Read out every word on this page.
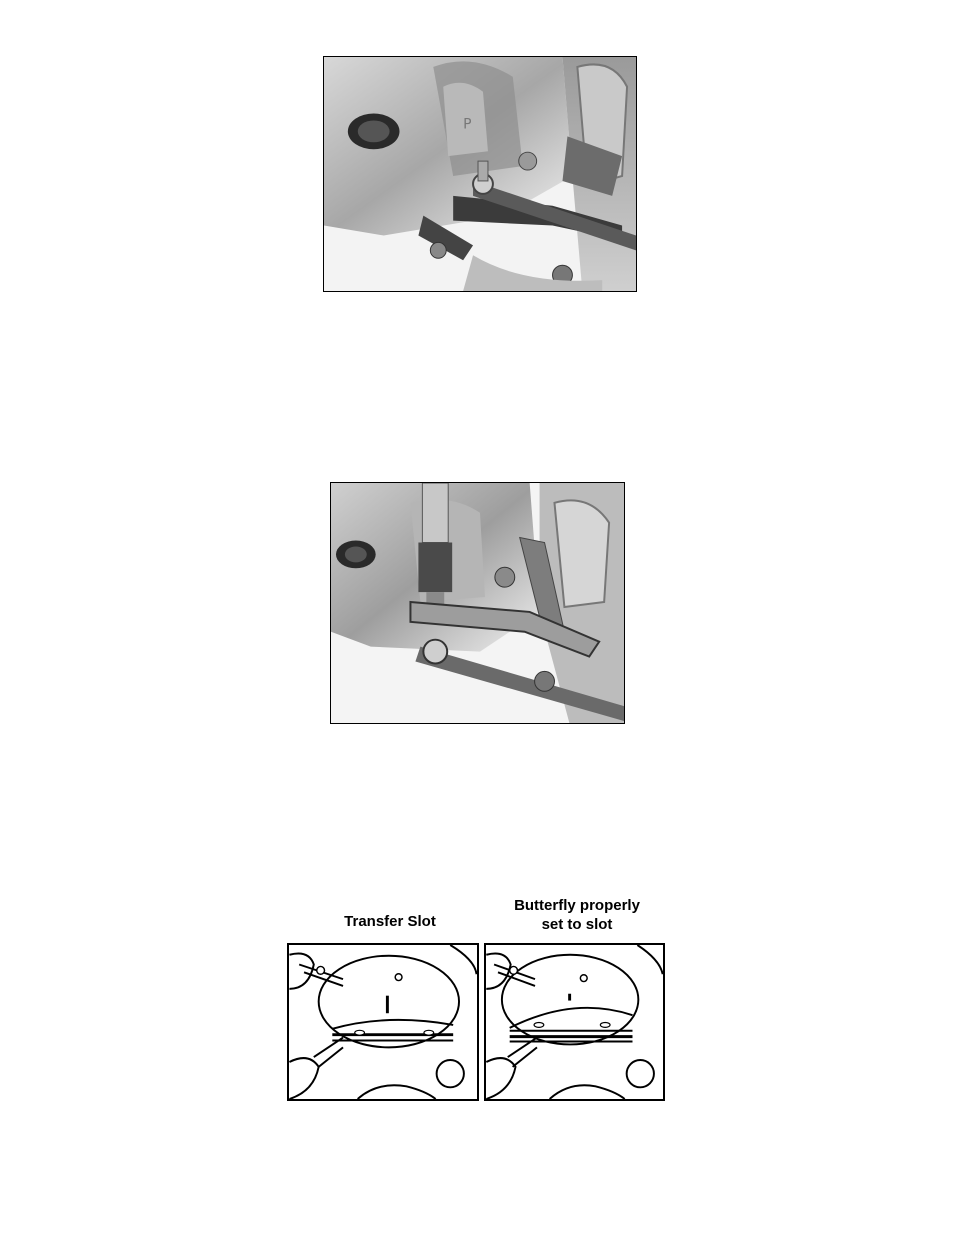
P
Transfer Slot
Butterfly properly
set to slot
